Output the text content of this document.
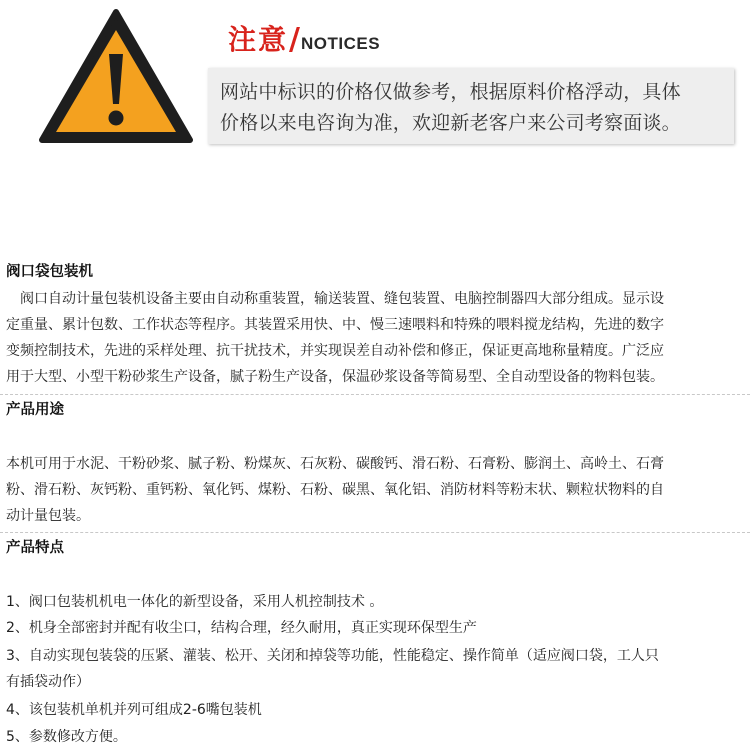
注意/NOTICES
网站中标识的价格仅做参考，根据原料价格浮动，具体
价格以来电咨询为准，欢迎新老客户来公司考察面谈。
阀口袋包装机
　阀口自动计量包装机设备主要由自动称重装置，输送装置、缝包装置、电脑控制器四大部分组成。显示设
定重量、累计包数、工作状态等程序。其装置采用快、中、慢三速喂料和特殊的喂料搅龙结构，先进的数字
变频控制技术，先进的采样处理、抗干扰技术，并实现误差自动补偿和修正，保证更高地称量精度。广泛应
用于大型、小型干粉砂浆生产设备，腻子粉生产设备，保温砂浆设备等简易型、全自动型设备的物料包装。
产品用途
本机可用于水泥、干粉砂浆、腻子粉、粉煤灰、石灰粉、碳酸钙、滑石粉、石膏粉、膨润土、高岭土、石膏
粉、滑石粉、灰钙粉、重钙粉、氧化钙、煤粉、石粉、碳黑、氧化铝、消防材料等粉末状、颗粒状物料的自
动计量包装。
产品特点
1、阀口包装机机电一体化的新型设备，采用人机控制技术 。
2、机身全部密封并配有收尘口，结构合理，经久耐用，真正实现环保型生产
3、自动实现包装袋的压紧、灌装、松开、关闭和掉袋等功能，性能稳定、操作简单（适应阀口袋，工人只
有插袋动作）
4、该包装机单机并列可组成2-6嘴包装机
5、参数修改方便。
